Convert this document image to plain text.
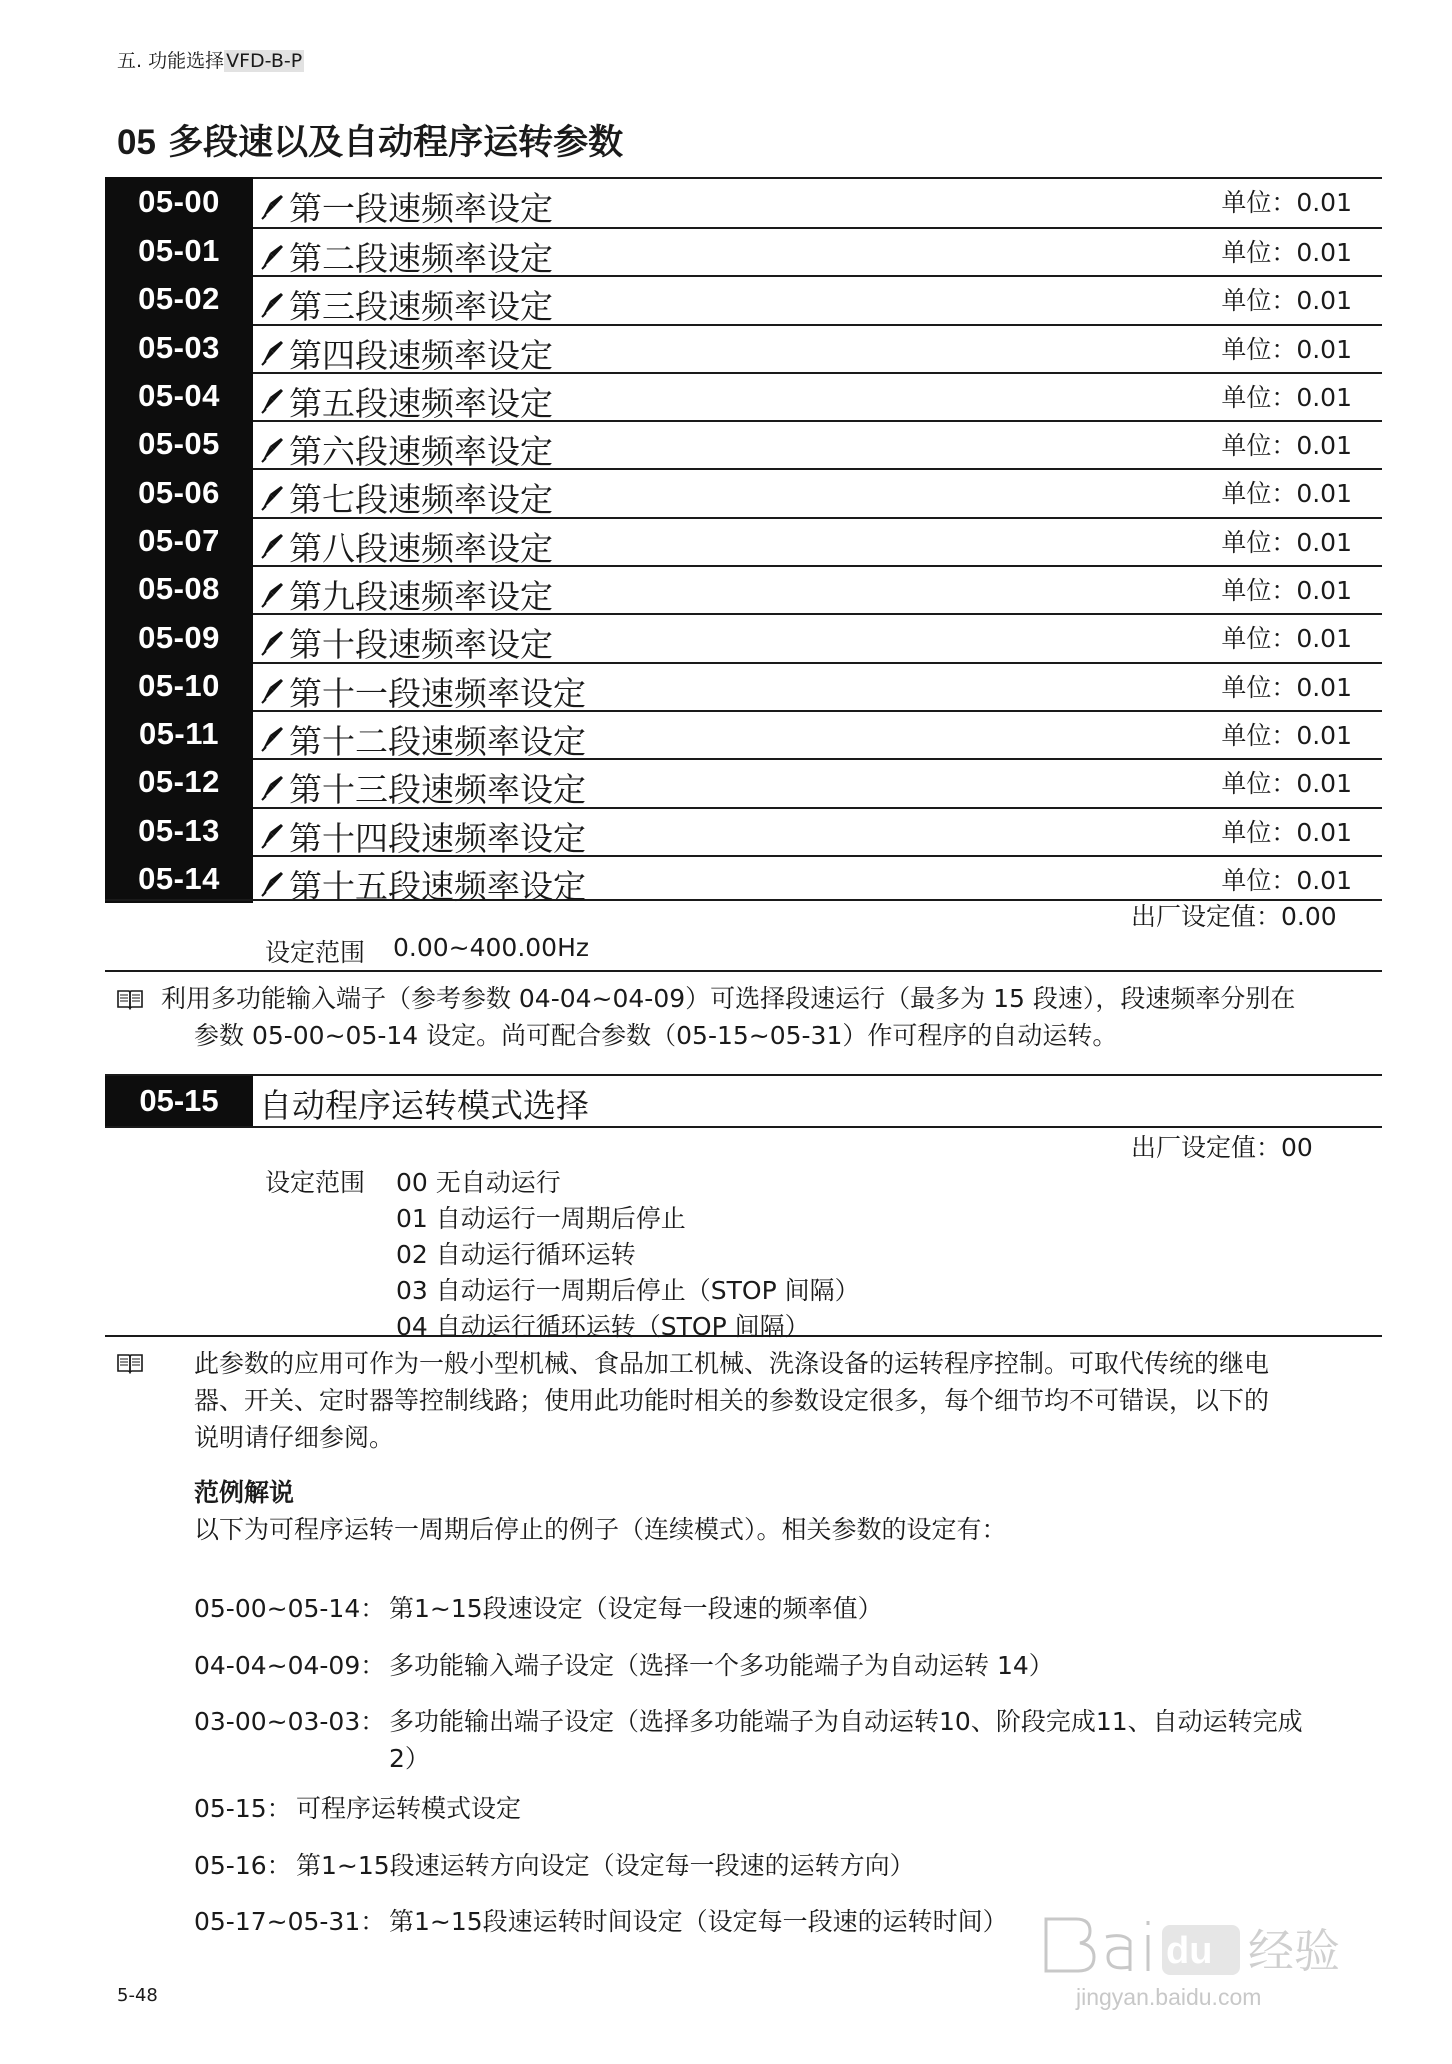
五. 功能选择 VFD-B-P
05 多段速以及自动程序运转参数
05-00	第一段速频率设定	单位：0.01
05-01	第二段速频率设定	单位：0.01
05-02	第三段速频率设定	单位：0.01
05-03	第四段速频率设定	单位：0.01
05-04	第五段速频率设定	单位：0.01
05-05	第六段速频率设定	单位：0.01
05-06	第七段速频率设定	单位：0.01
05-07	第八段速频率设定	单位：0.01
05-08	第九段速频率设定	单位：0.01
05-09	第十段速频率设定	单位：0.01
05-10	第十一段速频率设定	单位：0.01
05-11	第十二段速频率设定	单位：0.01
05-12	第十三段速频率设定	单位：0.01
05-13	第十四段速频率设定	单位：0.01
05-14	第十五段速频率设定	单位：0.01
出厂设定值：0.00
设定范围 0.00~400.00Hz
利用多功能输入端子（参考参数 04-04~04-09）可选择段速运行（最多为 15 段速），段速频率分别在
参数 05-00~05-14 设定。尚可配合参数（05-15~05-31）作可程序的自动运转。
05-15 自动程序运转模式选择
出厂设定值：00
设定范围 00 无自动运行
01 自动运行一周期后停止
02 自动运行循环运转
03 自动运行一周期后停止（STOP 间隔）
04 自动运行循环运转（STOP 间隔）
此参数的应用可作为一般小型机械、食品加工机械、洗涤设备的运转程序控制。可取代传统的继电
器、开关、定时器等控制线路；使用此功能时相关的参数设定很多，每个细节均不可错误，以下的
说明请仔细参阅。
范例解说
以下为可程序运转一周期后停止的例子（连续模式）。相关参数的设定有：
05-00~05-14： 第1~15段速设定（设定每一段速的频率值）
04-04~04-09： 多功能输入端子设定（选择一个多功能端子为自动运转 14）
03-00~03-03： 多功能输出端子设定（选择多功能端子为自动运转10、阶段完成11、自动运转完成
2）
05-15： 可程序运转模式设定
05-16： 第1~15段速运转方向设定（设定每一段速的运转方向）
05-17~05-31： 第1~15段速运转时间设定（设定每一段速的运转时间）
5-48
du 经验
jingyan.baidu.com
